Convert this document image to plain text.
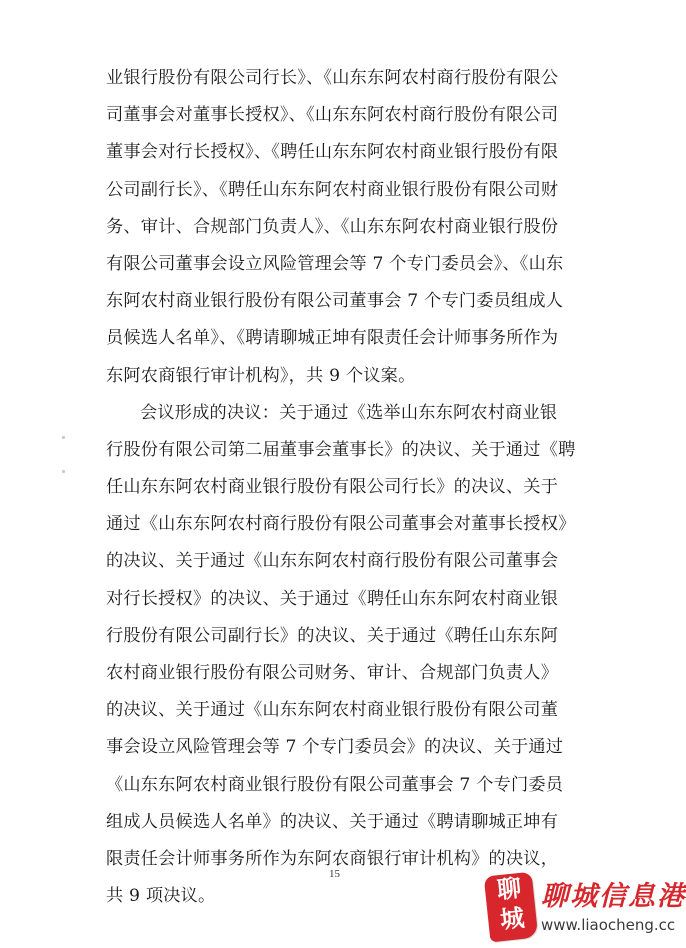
业银行股份有限公司行长》、《山东东阿农村商行股份有限公
司董事会对董事长授权》、《山东东阿农村商行股份有限公司
董事会对行长授权》、《聘任山东东阿农村商业银行股份有限
公司副行长》、《聘任山东东阿农村商业银行股份有限公司财
务、审计、合规部门负责人》、《山东东阿农村商业银行股份
有限公司董事会设立风险管理会等 7 个专门委员会》、《山东
东阿农村商业银行股份有限公司董事会 7 个专门委员组成人
员候选人名单》、《聘请聊城正坤有限责任会计师事务所作为
东阿农商银行审计机构》，共 9 个议案。
会议形成的决议：关于通过《选举山东东阿农村商业银
行股份有限公司第二届董事会董事长》的决议、关于通过《聘
任山东东阿农村商业银行股份有限公司行长》的决议、关于
通过《山东东阿农村商行股份有限公司董事会对董事长授权》
的决议、关于通过《山东东阿农村商行股份有限公司董事会
对行长授权》的决议、关于通过《聘任山东东阿农村商业银
行股份有限公司副行长》的决议、关于通过《聘任山东东阿
农村商业银行股份有限公司财务、审计、合规部门负责人》
的决议、关于通过《山东东阿农村商业银行股份有限公司董
事会设立风险管理会等 7 个专门委员会》的决议、关于通过
《山东东阿农村商业银行股份有限公司董事会 7 个专门委员
组成人员候选人名单》的决议、关于通过《聘请聊城正坤有
限责任会计师事务所作为东阿农商银行审计机构》的决议，
共 9 项决议。
15	聊
城
聊城信息港
www.liaocheng.cc
